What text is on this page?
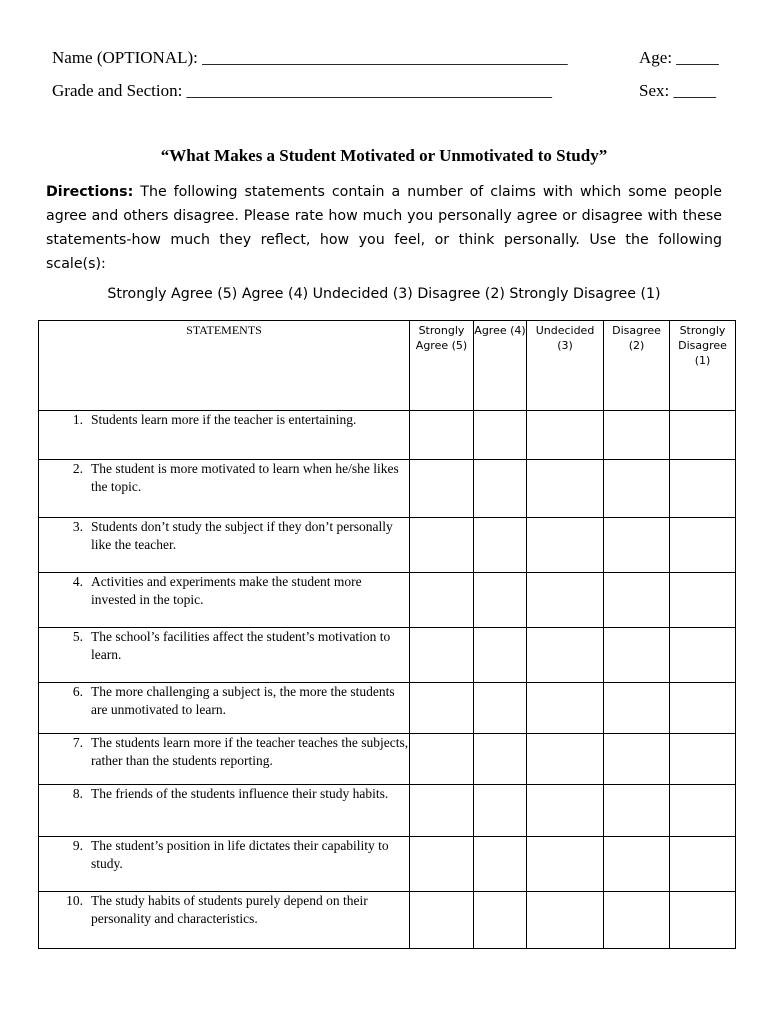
Name (OPTIONAL): ___________________________________________	Age: _____
Grade and Section: ___________________________________________	Sex: _____
“What Makes a Student Motivated or Unmotivated to Study”
Directions: The following statements contain a number of claims with which some people agree and others disagree. Please rate how much you personally agree or disagree with these statements-how much they reflect, how you feel, or think personally. Use the following scale(s):
Strongly Agree (5) Agree (4) Undecided (3) Disagree (2) Strongly Disagree (1)
STATEMENTS	Strongly Agree (5)	Agree (4)	Undecided (3)	Disagree (2)	Strongly Disagree (1)

1. Students learn more if the teacher is entertaining.					

2. The student is more motivated to learn when he/she likes the topic.					

3. Students don’t study the subject if they don’t personally like the teacher.					

4. Activities and experiments make the student more invested in the topic.					

5. The school’s facilities affect the student’s motivation to learn.					

6. The more challenging a subject is, the more the students are unmotivated to learn.					

7. The students learn more if the teacher teaches the subjects, rather than the students reporting.					

8. The friends of the students influence their study habits.					

9. The student’s position in life dictates their capability to study.					

10. The study habits of students purely depend on their personality and characteristics.					
